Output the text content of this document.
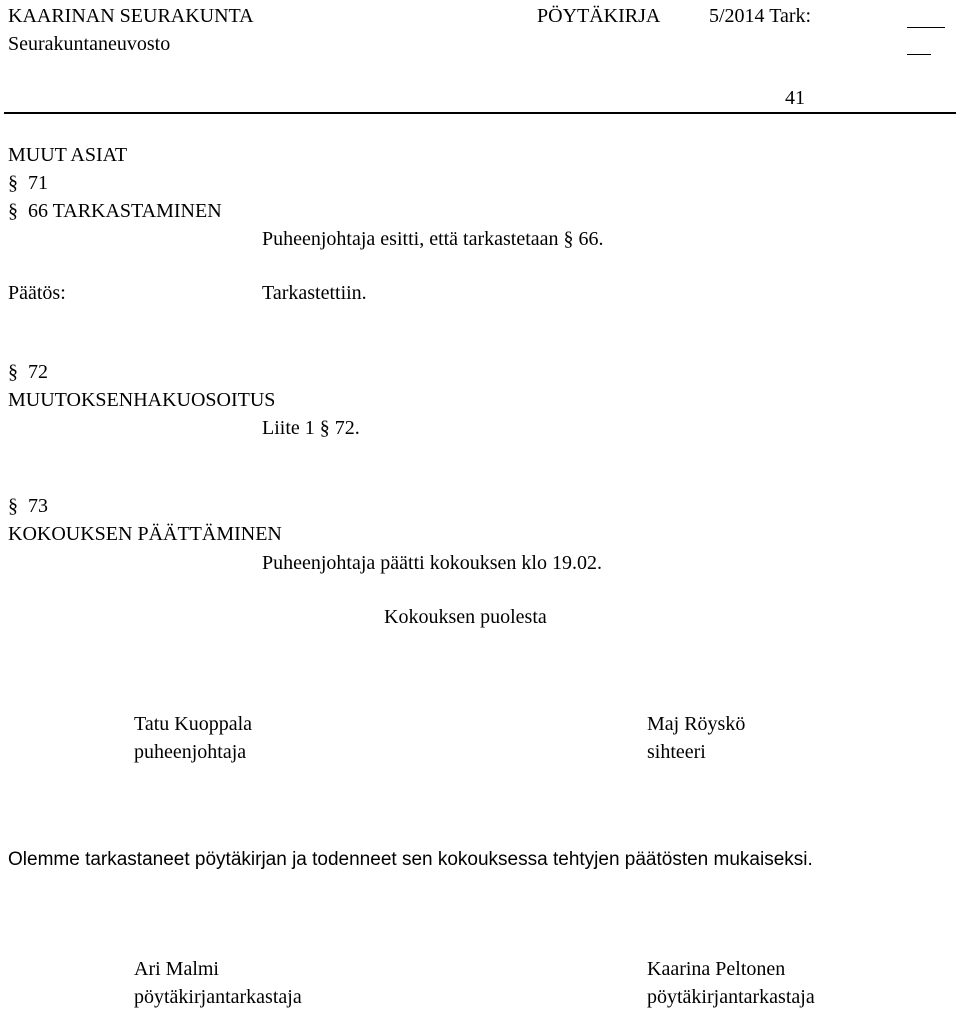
KAARINAN SEURAKUNTA
Seurakuntaneuvosto
PÖYTÄKIRJA 5/2014 Tark:
41
MUUT ASIAT
§ 71
§ 66 TARKASTAMINEN
Puheenjohtaja esitti, että tarkastetaan § 66.
Päätös:	Tarkastettiin.
§ 72
MUUTOKSENHAKUOSOITUS
Liite 1 § 72.
§ 73
KOKOUKSEN PÄÄTTÄMINEN
Puheenjohtaja päätti kokouksen klo 19.02.
Kokouksen puolesta
Tatu Kuoppala
puheenjohtaja
Maj Röyskö
sihteeri
Olemme tarkastaneet pöytäkirjan ja todenneet sen kokouksessa tehtyjen päätösten mukaiseksi.
Ari Malmi
pöytäkirjantarkastaja
Kaarina Peltonen
pöytäkirjantarkastaja
